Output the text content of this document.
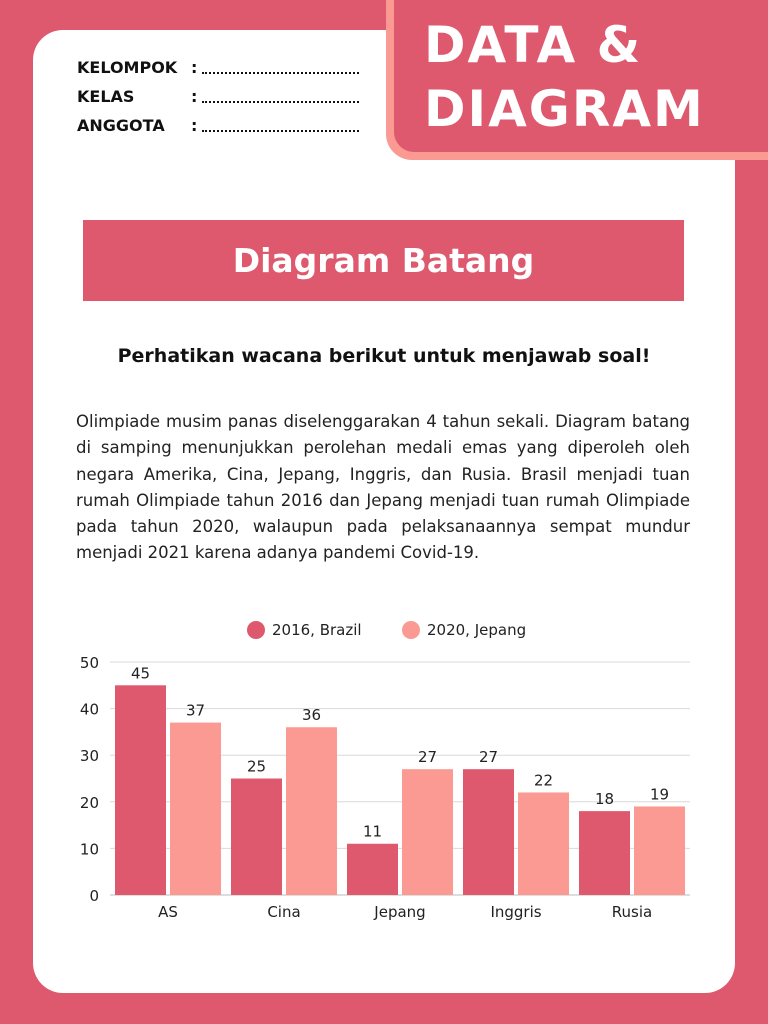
DATA &
DIAGRAM
KELOMPOK :
KELAS	:
ANGGOTA :
Diagram Batang
Perhatikan wacana berikut untuk menjawab soal!
Olimpiade musim panas diselenggarakan 4 tahun sekali. Diagram batang di samping menunjukkan perolehan medali emas yang diperoleh oleh negara Amerika, Cina, Jepang, Inggris, dan Rusia. Brasil menjadi tuan rumah Olimpiade tahun 2016 dan Jepang menjadi tuan rumah Olimpiade pada tahun 2020, walaupun pada pelaksanaannya sempat mundur menjadi 2021 karena adanya pandemi Covid-19.
0
10
20
30
40
50
2016, Brazil	2020, Jepang
45
37
AS
25
36
Cina
11
27
Jepang
27
22
Inggris
18 19
Rusia
